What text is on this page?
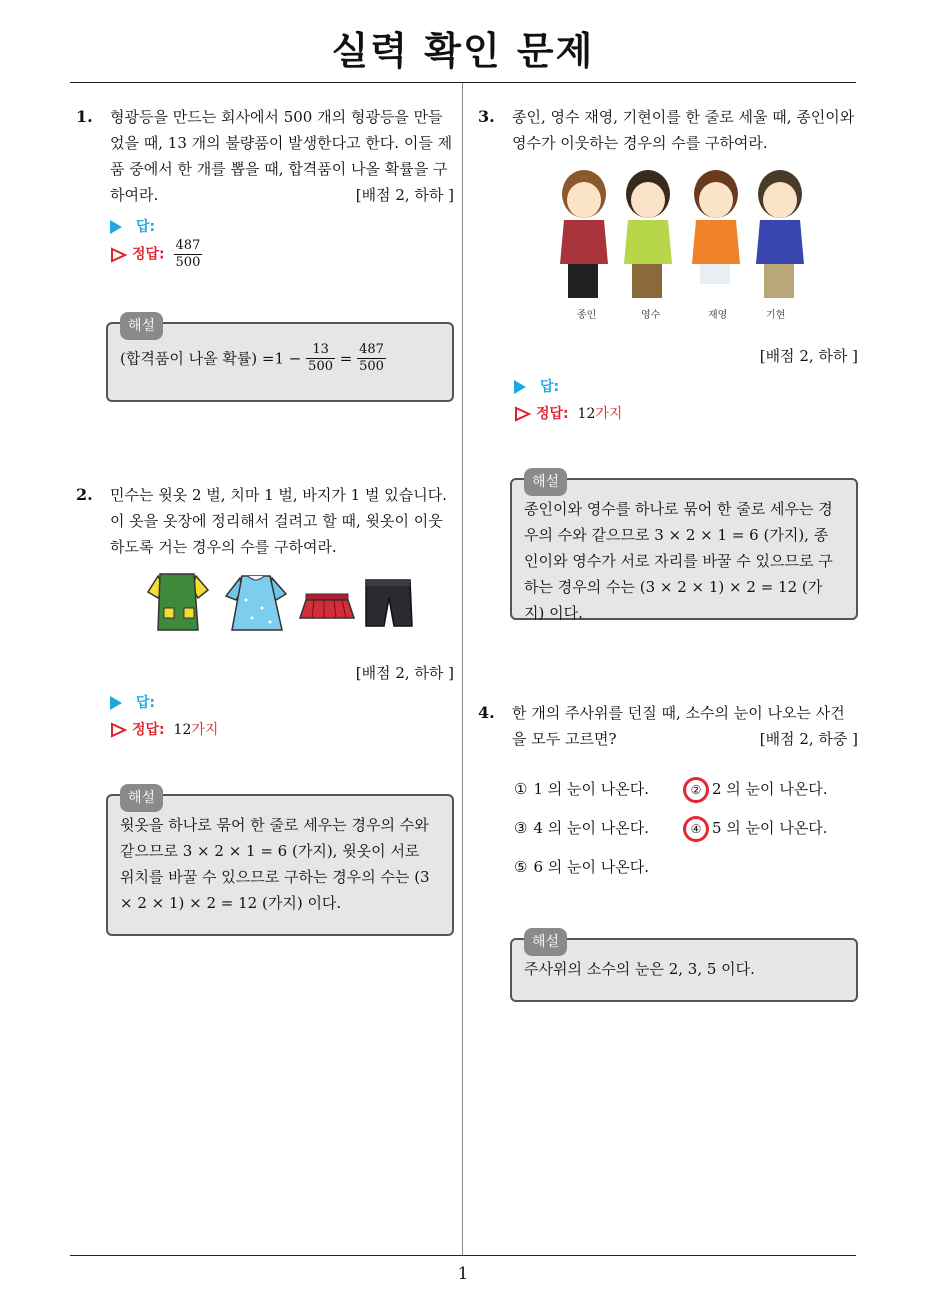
실력 확인 문제
1. 형광등을 만드는 회사에서 500 개의 형광등을 만들었을 때, 13 개의 불량품이 발생한다고 한다. 이들 제품 중에서 한 개를 뽑을 때, 합격품이 나올 확률을 구하여라.	[배점 2, 하하 ]
답:
정답: $\frac{487}{500}$
해설
(합격품이 나올 확률) $=1 - \frac{13}{500} = \frac{487}{500}$
2. 민수는 윗옷 2 벌, 치마 1 벌, 바지가 1 벌 있습니다. 이 옷을 옷장에 정리해서 걸려고 할 때, 윗옷이 이웃하도록 거는 경우의 수를 구하여라.
[배점 2, 하하 ]
답:
정답: 12가지
해설
윗옷을 하나로 묶어 한 줄로 세우는 경우의 수와 같으므로 3 × 2 × 1 = 6 (가지), 윗옷이 서로 위치를 바꿀 수 있으므로 구하는 경우의 수는 (3 × 2 × 1) × 2 = 12 (가지) 이다.
3. 종인, 영수 재영, 기현이를 한 줄로 세울 때, 종인이와 영수가 이웃하는 경우의 수를 구하여라.
종인	영수	재영	기현
[배점 2, 하하 ]
답:
정답: 12가지
해설
종인이와 영수를 하나로 묶어 한 줄로 세우는 경우의 수와 같으므로 3 × 2 × 1 = 6 (가지), 종인이와 영수가 서로 자리를 바꿀 수 있으므로 구하는 경우의 수는 (3 × 2 × 1) × 2 = 12 (가지) 이다.
4. 한 개의 주사위를 던질 때, 소수의 눈이 나오는 사건을 모두 고르면?	[배점 2, 하중 ]
① 1 의 눈이 나온다.	② 2 의 눈이 나온다.
③ 4 의 눈이 나온다.	④ 5 의 눈이 나온다.
⑤ 6 의 눈이 나온다.
해설
주사위의 소수의 눈은 2, 3, 5 이다.
1
